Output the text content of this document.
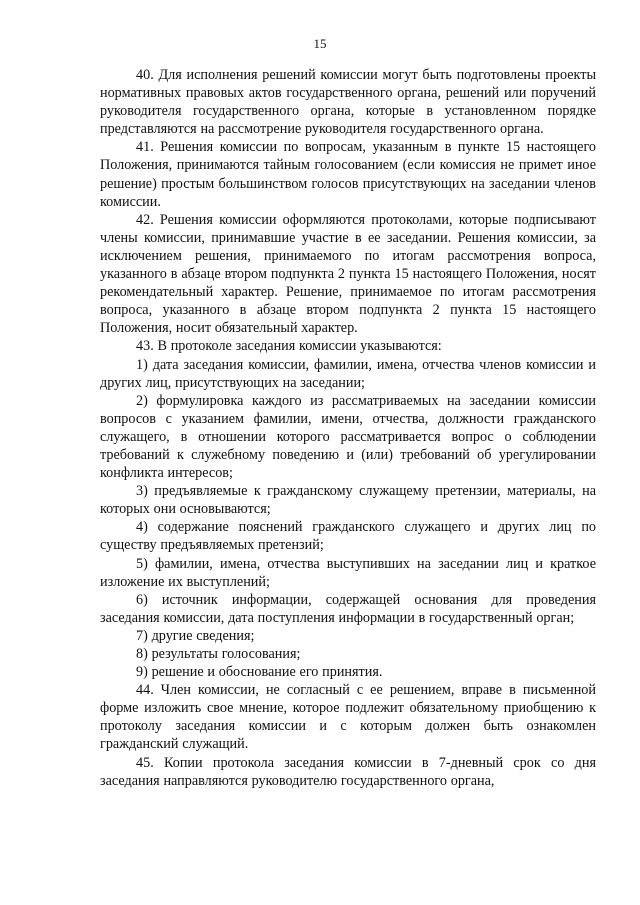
15

40. Для исполнения решений комиссии могут быть подготовлены проекты нормативных правовых актов государственного органа, решений или поручений руководителя государственного органа, которые в установленном порядке представляются на рассмотрение руководителя государственного органа.

41. Решения комиссии по вопросам, указанным в пункте 15 настоящего Положения, принимаются тайным голосованием (если комиссия не примет иное решение) простым большинством голосов присутствующих на заседании членов комиссии.

42. Решения комиссии оформляются протоколами, которые подписывают члены комиссии, принимавшие участие в ее заседании. Решения комиссии, за исключением решения, принимаемого по итогам рассмотрения вопроса, указанного в абзаце втором подпункта 2 пункта 15 настоящего Положения, носят рекомендательный характер. Решение, принимаемое по итогам рассмотрения вопроса, указанного в абзаце втором подпункта 2 пункта 15 настоящего Положения, носит обязательный характер.

43. В протоколе заседания комиссии указываются:

1) дата заседания комиссии, фамилии, имена, отчества членов комиссии и других лиц, присутствующих на заседании;

2) формулировка каждого из рассматриваемых на заседании комиссии вопросов с указанием фамилии, имени, отчества, должности гражданского служащего, в отношении которого рассматривается вопрос о соблюдении требований к служебному поведению и (или) требований об урегулировании конфликта интересов;

3) предъявляемые к гражданскому служащему претензии, материалы, на которых они основываются;

4) содержание пояснений гражданского служащего и других лиц по существу предъявляемых претензий;

5) фамилии, имена, отчества выступивших на заседании лиц и краткое изложение их выступлений;

6) источник информации, содержащей основания для проведения заседания комиссии, дата поступления информации в государственный орган;

7) другие сведения;

8) результаты голосования;

9) решение и обоснование его принятия.

44. Член комиссии, не согласный с ее решением, вправе в письменной форме изложить свое мнение, которое подлежит обязательному приобщению к протоколу заседания комиссии и с которым должен быть ознакомлен гражданский служащий.

45. Копии протокола заседания комиссии в 7-дневный срок со дня заседания направляются руководителю государственного органа,
